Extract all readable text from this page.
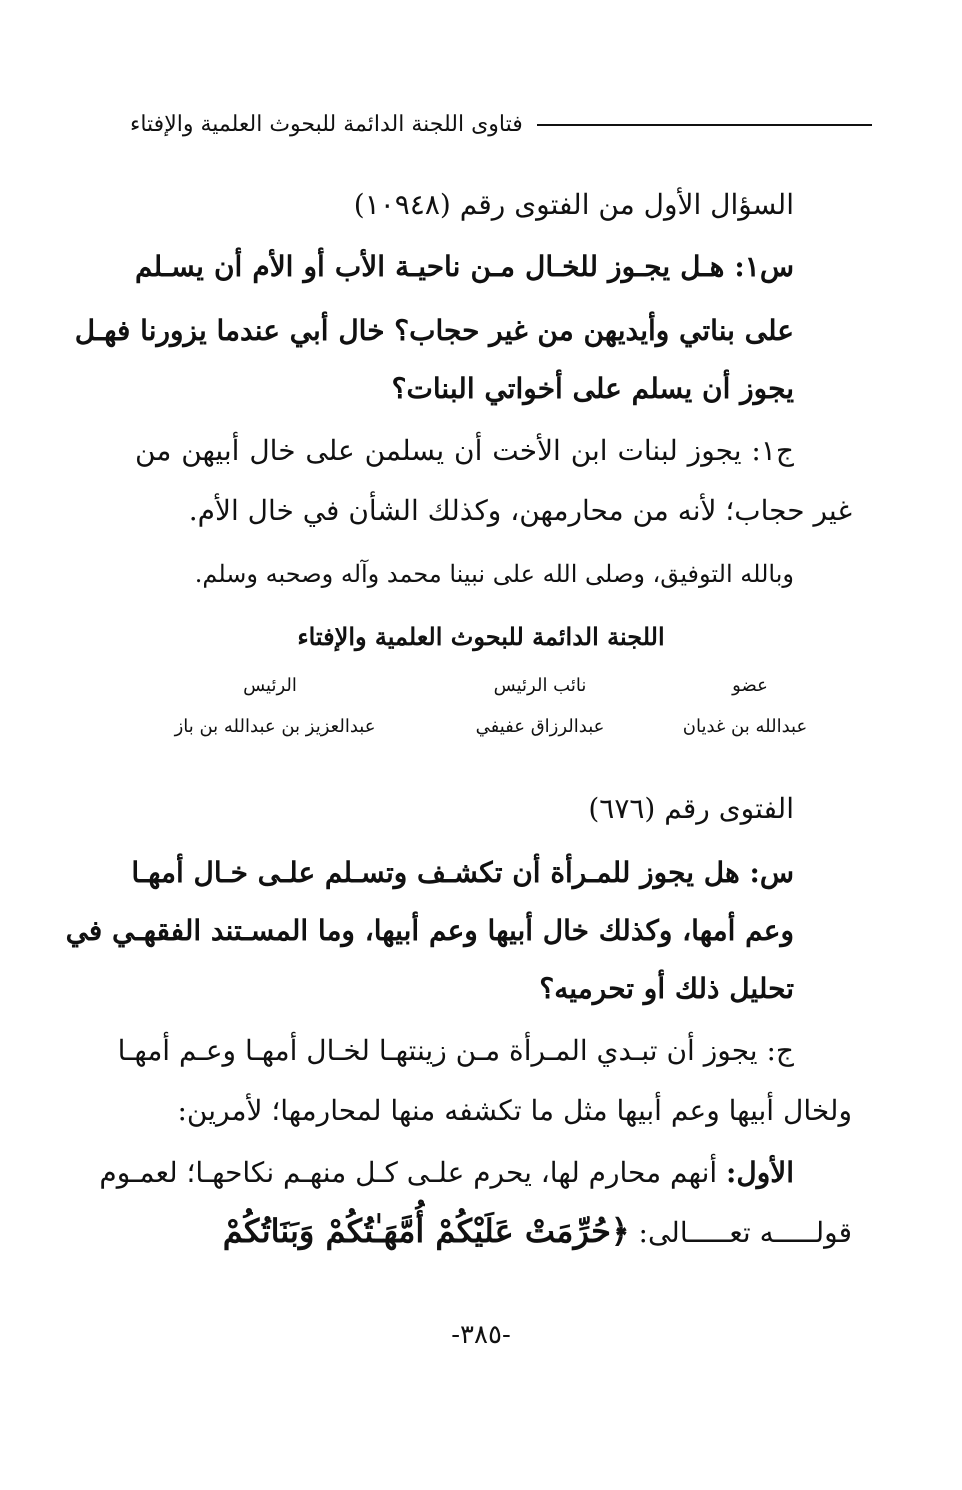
فتاوى اللجنة الدائمة للبحوث العلمية والإفتاء
السؤال الأول من الفتوى رقم (١٠٩٤٨)
س١: هـل يجـوز للخـال مـن ناحيـة الأب أو الأم أن يسـلم
على بناتي وأيديهن من غير حجاب؟ خال أبي عندما يزورنا فهـل
يجوز أن يسلم على أخواتي البنات؟
ج١: يجوز لبنات ابن الأخت أن يسلمن على خال أبيهن من
غير حجاب؛ لأنه من محارمهن، وكذلك الشأن في خال الأم.
وبالله التوفيق، وصلى الله على نبينا محمد وآله وصحبه وسلم.
اللجنة الدائمة للبحوث العلمية والإفتاء
عضو
نائب الرئيس
الرئيس
عبدالله بن غديان
عبدالرزاق عفيفي
عبدالعزيز بن عبدالله بن باز
الفتوى رقم (٦٧٦)
س: هل يجوز للمـرأة أن تكشـف وتسـلم علـى خـال أمهـا
وعم أمها، وكذلك خال أبيها وعم أبيها، وما المسـتند الفقهـي في
تحليل ذلك أو تحرميه؟
ج: يجوز أن تبـدي المـرأة مـن زينتهـا لخـال أمهـا وعـم أمهـا
ولخال أبيها وعم أبيها مثل ما تكشفه منها لمحارمها؛ لأمرين:
الأول: أنهم محارم لها، يحرم علـى كـل منهـم نكاحهـا؛ لعمـوم
قولـــــه تعـــــالى: ﴿حُرِّمَتْ عَلَيْكُمْ أُمَّهَـٰتُكُمْ وَبَنَاتُكُمْ
-٣٨٥-
